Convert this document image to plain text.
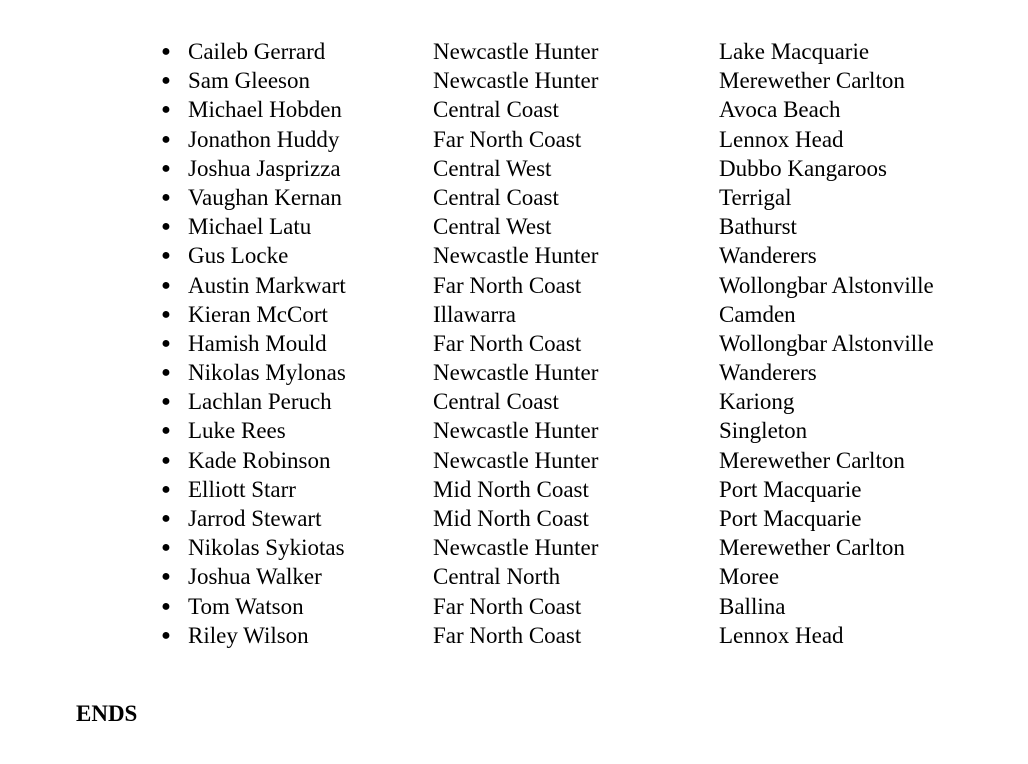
● Caileb Gerrard	Newcastle Hunter	Lake Macquarie
● Sam Gleeson	Newcastle Hunter	Merewether Carlton
● Michael Hobden	Central Coast	Avoca Beach
● Jonathon Huddy	Far North Coast	Lennox Head
● Joshua Jasprizza	Central West	Dubbo Kangaroos
● Vaughan Kernan	Central Coast	Terrigal
● Michael Latu	Central West	Bathurst
● Gus Locke	Newcastle Hunter	Wanderers
● Austin Markwart	Far North Coast	Wollongbar Alstonville
● Kieran McCort	Illawarra	Camden
● Hamish Mould	Far North Coast	Wollongbar Alstonville
● Nikolas Mylonas	Newcastle Hunter	Wanderers
● Lachlan Peruch	Central Coast	Kariong
● Luke Rees	Newcastle Hunter	Singleton
● Kade Robinson	Newcastle Hunter	Merewether Carlton
● Elliott Starr	Mid North Coast	Port Macquarie
● Jarrod Stewart	Mid North Coast	Port Macquarie
● Nikolas Sykiotas	Newcastle Hunter	Merewether Carlton
● Joshua Walker	Central North	Moree
● Tom Watson	Far North Coast	Ballina
● Riley Wilson	Far North Coast	Lennox Head
ENDS
